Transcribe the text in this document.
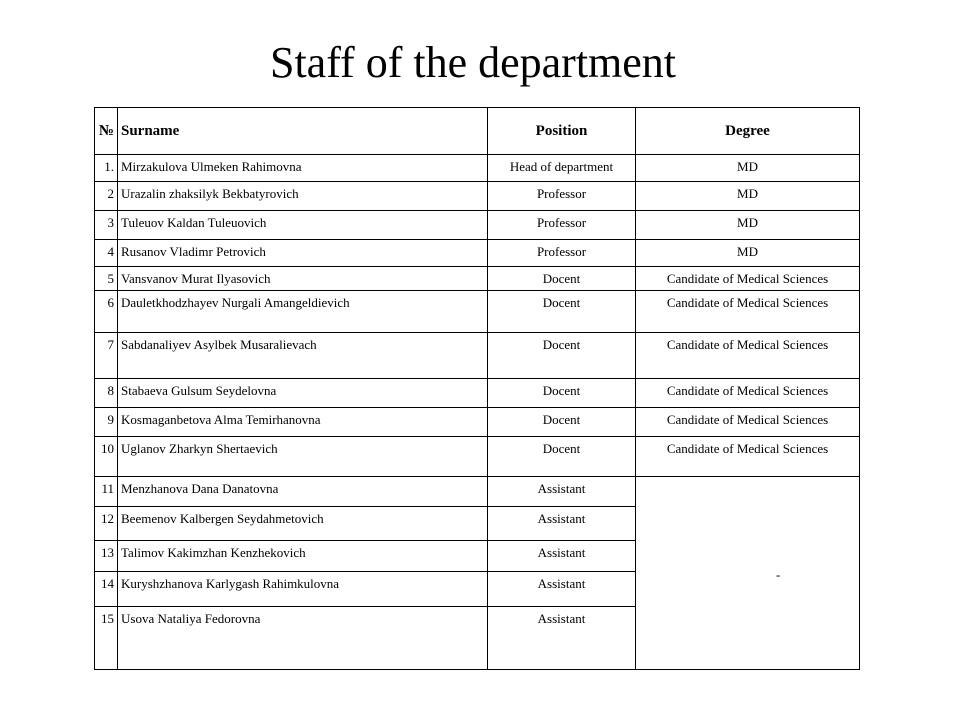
Staff of the department
№	Surname	Position	Degree
1.	Mirzakulova Ulmeken Rahimovna	Head of department	MD
2	Urazalin zhaksilyk Bekbatyrovich	Professor	MD
3	Tuleuov Kaldan Tuleuovich	Professor	MD
4	Rusanov Vladimr Petrovich	Professor	MD
5	Vansvanov Murat Ilyasovich	Docent	Candidate of Medical Sciences
6	Dauletkhodzhayev Nurgali Amangeldievich	Docent	Candidate of Medical Sciences
7	Sabdanaliyev Asylbek Musaralievach	Docent	Candidate of Medical Sciences
8	Stabaeva Gulsum Seydelovna	Docent	Candidate of Medical Sciences
9	Kosmaganbetova Alma Temirhanovna	Docent	Candidate of Medical Sciences
10	Uglanov Zharkyn Shertaevich	Docent	Candidate of Medical Sciences
11	Menzhanova Dana Danatovna	Assistant	-
12	Beemenov Kalbergen Seydahmetovich	Assistant	
13	Talimov Kakimzhan Kenzhekovich	Assistant	
14	Kuryshzhanova Karlygash Rahimkulovna	Assistant	
15	Usova Nataliya Fedorovna	Assistant	
